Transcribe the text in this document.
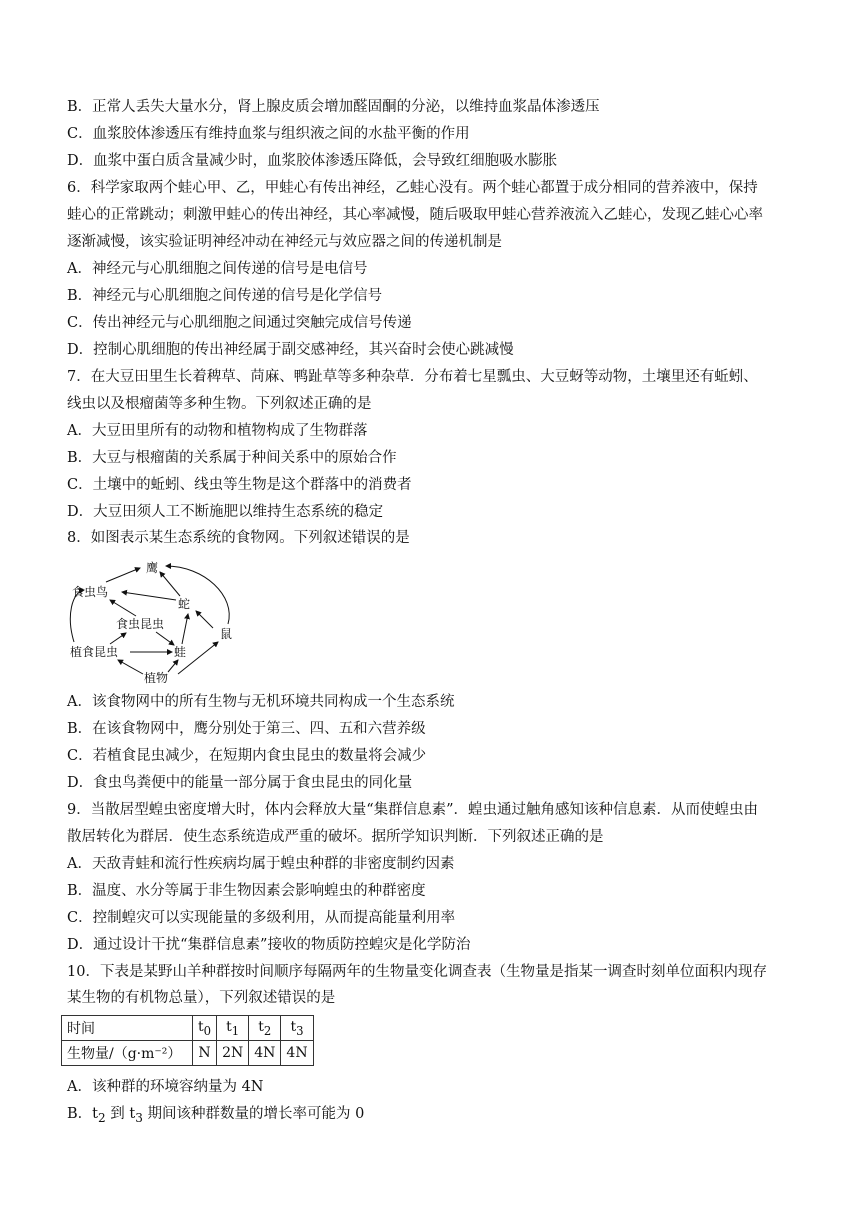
B．正常人丢失大量水分，肾上腺皮质会增加醛固酮的分泌，以维持血浆晶体渗透压
C．血浆胶体渗透压有维持血浆与组织液之间的水盐平衡的作用
D．血浆中蛋白质含量减少时，血浆胶体渗透压降低，会导致红细胞吸水膨胀
6．科学家取两个蛙心甲、乙，甲蛙心有传出神经，乙蛙心没有。两个蛙心都置于成分相同的营养液中，保持
蛙心的正常跳动；刺激甲蛙心的传出神经，其心率减慢，随后吸取甲蛙心营养液流入乙蛙心，发现乙蛙心心率
逐渐减慢，该实验证明神经冲动在神经元与效应器之间的传递机制是
A．神经元与心肌细胞之间传递的信号是电信号
B．神经元与心肌细胞之间传递的信号是化学信号
C．传出神经元与心肌细胞之间通过突触完成信号传递
D．控制心肌细胞的传出神经属于副交感神经，其兴奋时会使心跳减慢
7．在大豆田里生长着稗草、苘麻、鸭趾草等多种杂草．分布着七星瓢虫、大豆蚜等动物，土壤里还有蚯蚓、
线虫以及根瘤菌等多种生物。下列叙述正确的是
A．大豆田里所有的动物和植物构成了生物群落
B．大豆与根瘤菌的关系属于种间关系中的原始合作
C．土壤中的蚯蚓、线虫等生物是这个群落中的消费者
D．大豆田须人工不断施肥以维持生态系统的稳定
8．如图表示某生态系统的食物网。下列叙述错误 · ·的是
鹰
食虫鸟
蛇
食虫昆虫
鼠
植食昆虫	蛙
植物
A．该食物网中的所有生物与无机环境共同构成一个生态系统
B．在该食物网中，鹰分别处于第三、四、五和六营养级
C．若植食昆虫减少，在短期内食虫昆虫的数量将会减少
D．食虫鸟粪便中的能量一部分属于食虫昆虫的同化量
9．当散居型蝗虫密度增大时，体内会释放大量“集群信息素”．蝗虫通过触角感知该种信息素．从而使蝗虫由
散居转化为群居．使生态系统造成严重的破坏。据所学知识判断．下列叙述正确的是
A．天敌青蛙和流行性疾病均属于蝗虫种群的非密度制约因素
B．温度、水分等属于非生物因素会影响蝗虫的种群密度
C．控制蝗灾可以实现能量的多级利用，从而提高能量利用率
D．通过设计干扰“集群信息素”接收的物质防控蝗灾是化学防治
10．下表是某野山羊种群按时间顺序每隔两年的生物量变化调查表（生物量是指某一调查时刻单位面积内现存
某生物的有机物总量），下列叙述错误 · ·的是
时间	$t_0$	$t_1$	$t_2$	$t_3$
生物量/（g·m⁻²）	N	2N	4N	4N
A．该种群的环境容纳量为 4N
B．$t_2$ 到 $t_3$ 期间该种群数量的增长率可能为 0
